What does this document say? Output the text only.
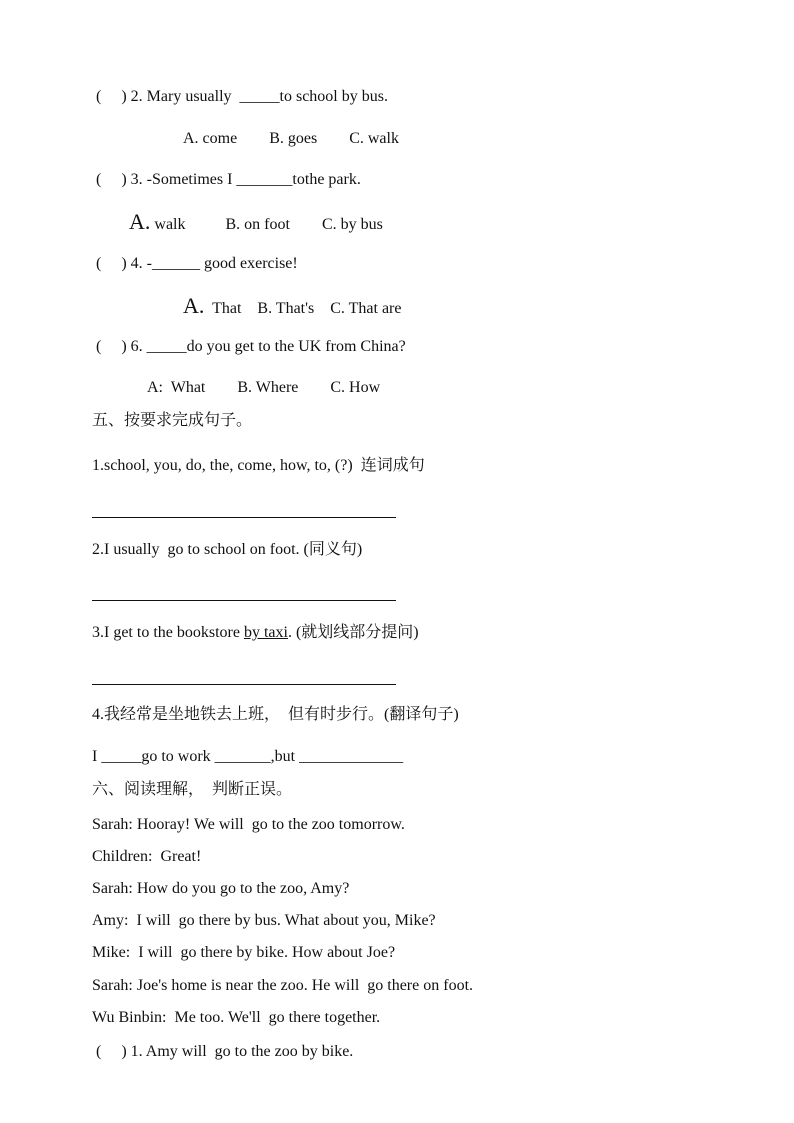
(　 ) 2. Mary usually  _____to school by bus.
A. come        B. goes        C. walk
(　 ) 3. -Sometimes I _______tothe park.
A. walk          B. on foot        C. by bus
(　 ) 4. -______ good exercise!
A.  That    B. That's    C. That are
(　 ) 6. _____do you get to the UK from China?
A:  What        B. Where        C. How
五、按要求完成句子。
1.school, you, do, the, come, how, to, (?)  连词成句
2.I usually  go to school on foot. (同义句)
3.I get to the bookstore by taxi. (就划线部分提问)
4.我经常是坐地铁去上班，  但有时步行。(翻译句子)
I _____go to work _______,but _____________
六、阅读理解，  判断正误。
Sarah: Hooray! We will  go to the zoo tomorrow.
Children:  Great!
Sarah: How do you go to the zoo, Amy?
Amy:  I will  go there by bus. What about you, Mike?
Mike:  I will  go there by bike. How about Joe?
Sarah: Joe's home is near the zoo. He will  go there on foot.
Wu Binbin:  Me too. We'll  go there together.
(　 ) 1. Amy will  go to the zoo by bike.
